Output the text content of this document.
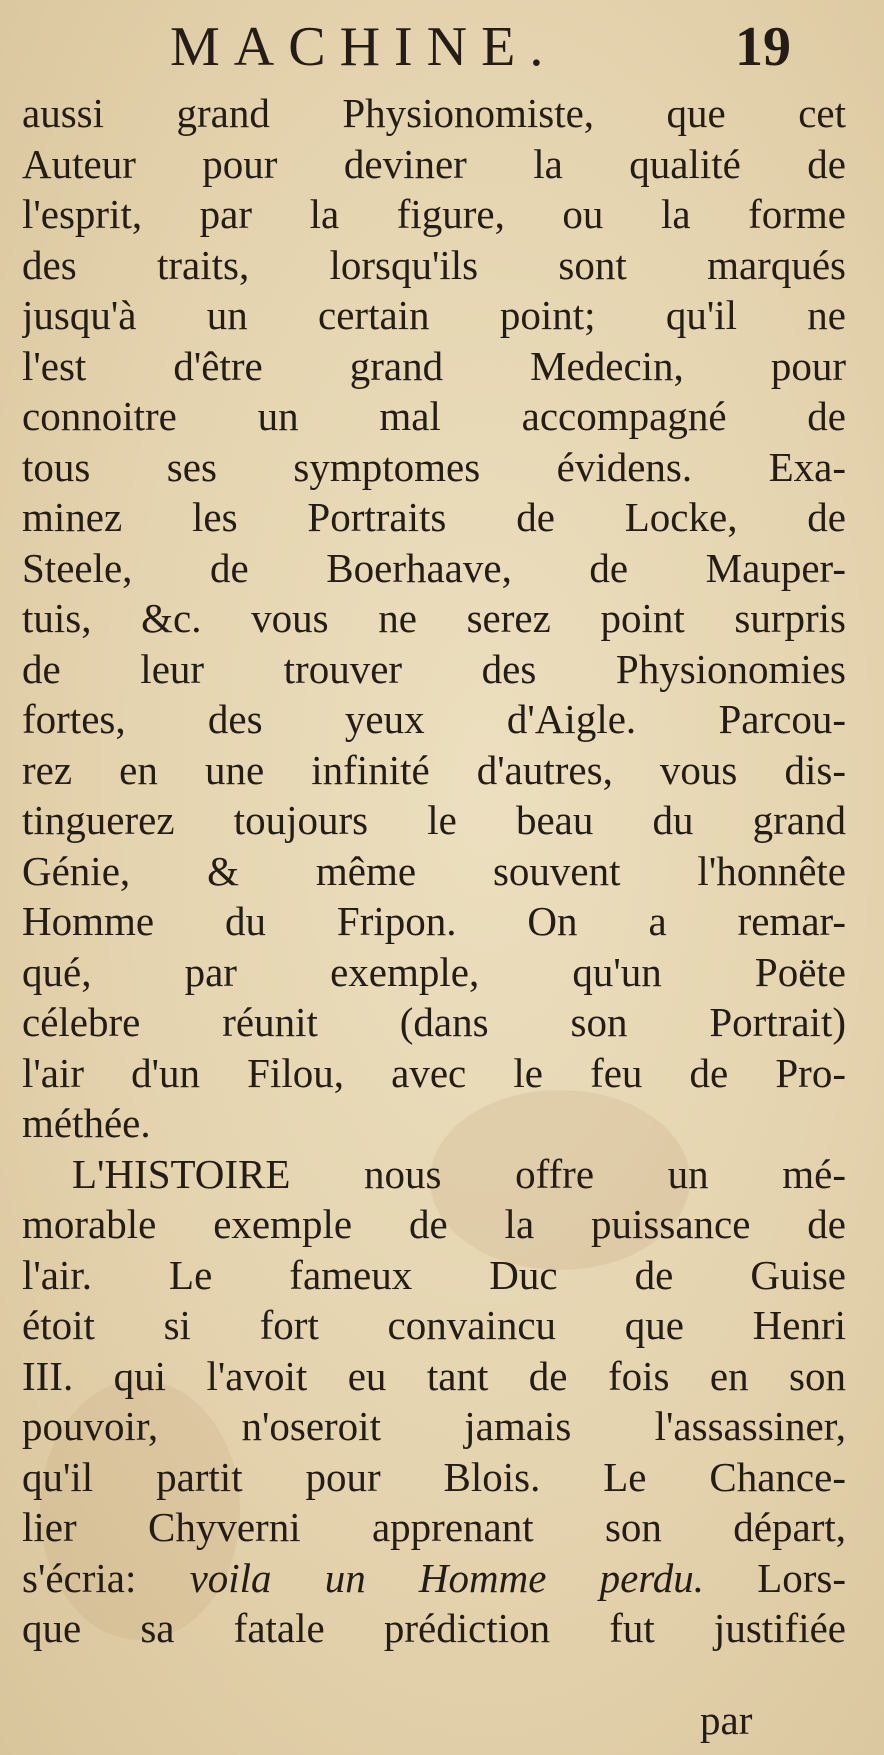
MACHINE.	19
aussi grand Physionomiste, que cet
Auteur pour deviner la qualité de
l'esprit, par la figure, ou la forme
des traits, lorsqu'ils sont marqués
jusqu'à un certain point; qu'il ne
l'est d'être grand Medecin, pour
connoitre un mal accompagné de
tous ses symptomes évidens. Exa-
minez les Portraits de Locke, de
Steele, de Boerhaave, de Mauper-
tuis, &c. vous ne serez point surpris
de leur trouver des Physionomies
fortes, des yeux d'Aigle. Parcou-
rez en une infinité d'autres, vous dis-
tinguerez toujours le beau du grand
Génie, & même souvent l'honnête
Homme du Fripon. On a remar-
qué, par exemple, qu'un Poëte
célebre réunit (dans son Portrait)
l'air d'un Filou, avec le feu de Pro-
méthée.
L'HISTOIRE nous offre un mé-
morable exemple de la puissance de
l'air. Le fameux Duc de Guise
étoit si fort convaincu que Henri
III. qui l'avoit eu tant de fois en son
pouvoir, n'oseroit jamais l'assassiner,
qu'il partit pour Blois. Le Chance-
lier Chyverni apprenant son départ,
s'écria: voila un Homme perdu. Lors-
que sa fatale prédiction fut justifiée
par
